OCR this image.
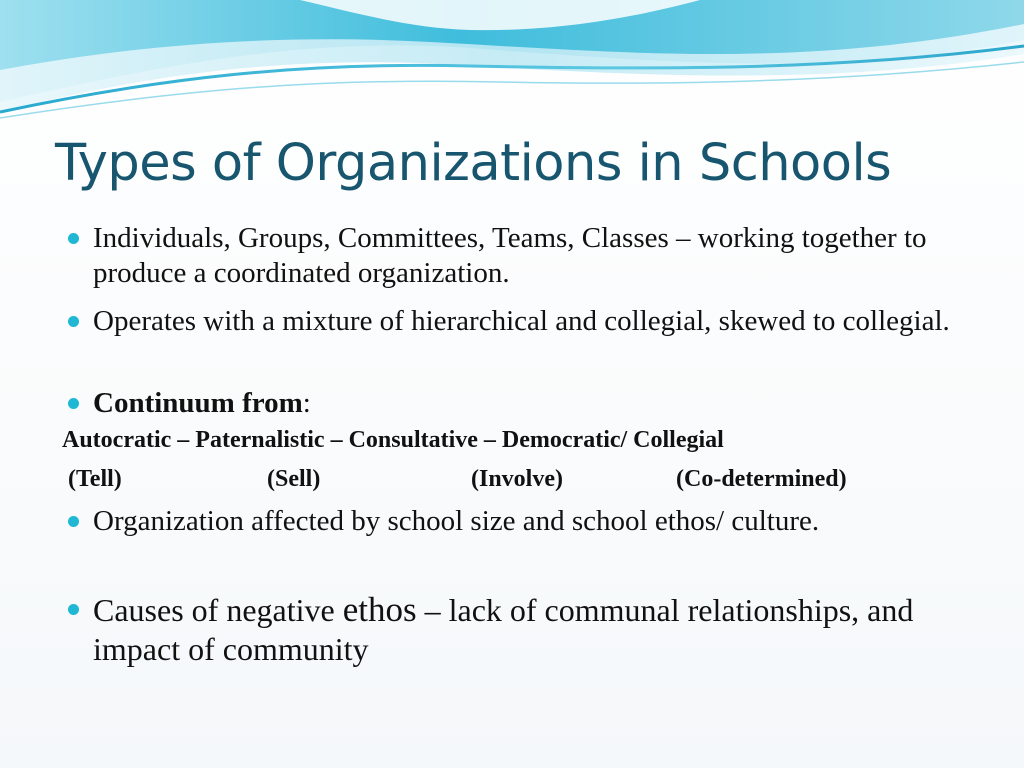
Types of Organizations in Schools
Individuals, Groups, Committees, Teams, Classes – working together to produce a coordinated organization.
Operates with a mixture of hierarchical and collegial, skewed to collegial.
Continuum from:
Autocratic – Paternalistic – Consultative – Democratic/ Collegial
(Tell)	(Sell)	(Involve)	(Co-determined)
Organization affected by school size and school ethos/ culture.
Causes of negative ethos – lack of communal relationships, and impact of community
